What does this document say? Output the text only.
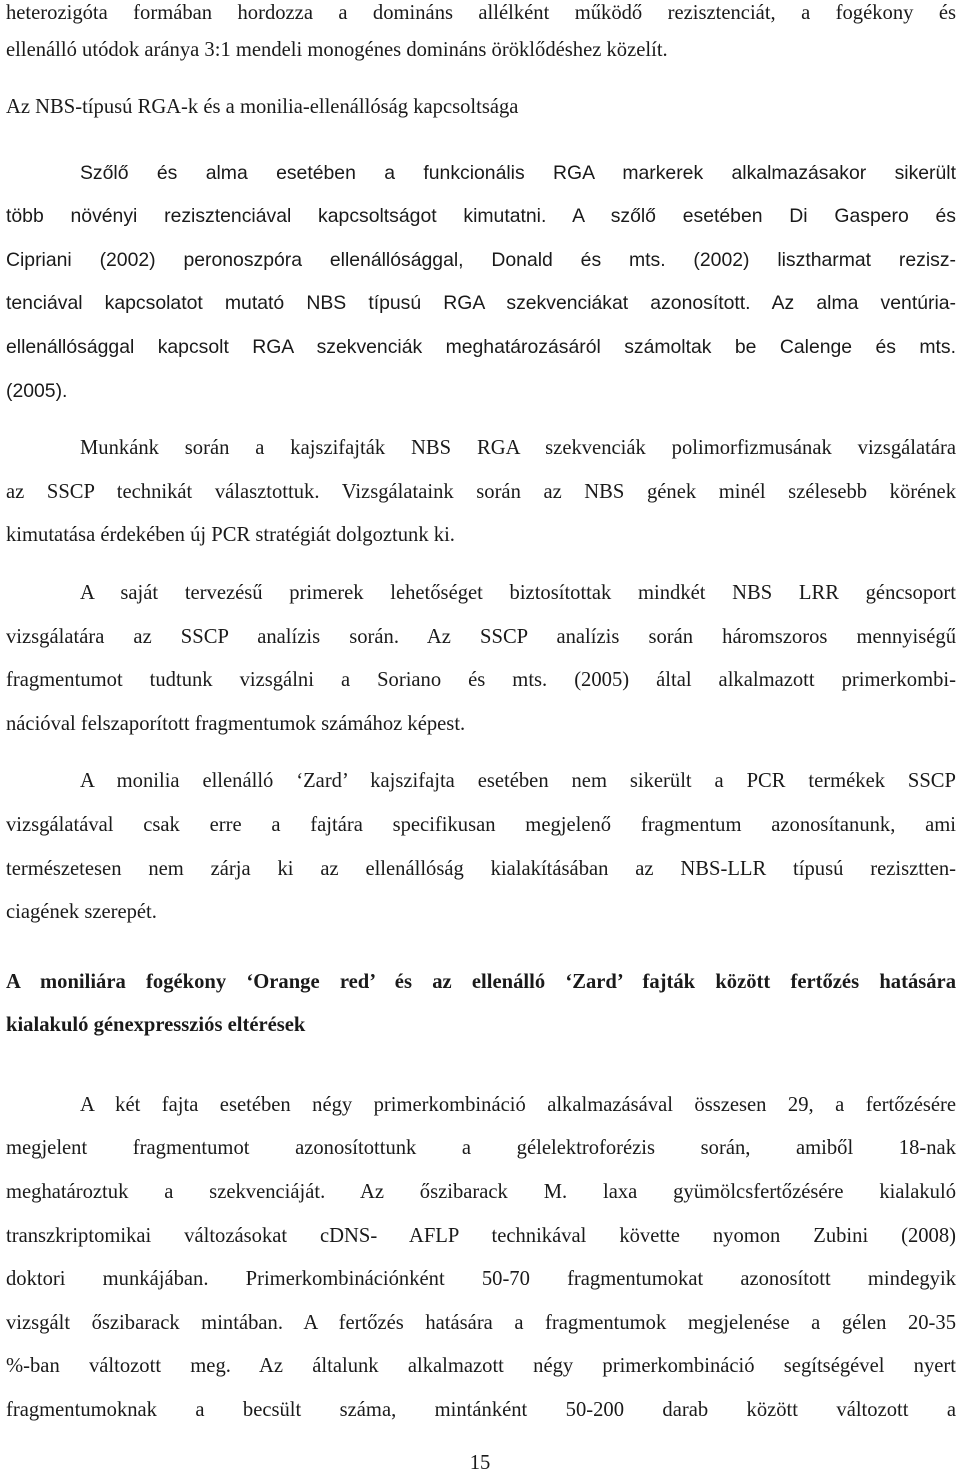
heterozigóta formában hordozza a domináns allélként működő rezisztenciát, a fogékony és
ellenálló utódok aránya 3:1 mendeli monogénes domináns öröklődéshez közelít.
Az NBS-típusú RGA-k és a monilia-ellenállóság kapcsoltsága
Szőlő és alma esetében a funkcionális RGA markerek alkalmazásakor sikerült
több növényi rezisztenciával kapcsoltságot kimutatni. A szőlő esetében Di Gaspero és
Cipriani (2002) peronoszpóra ellenállósággal, Donald és mts. (2002) lisztharmat rezisz-
tenciával kapcsolatot mutató NBS típusú RGA szekvenciákat azonosított. Az alma ventúria-
ellenállósággal kapcsolt RGA szekvenciák meghatározásáról számoltak be Calenge és mts.
(2005).
Munkánk során a kajszifajták NBS RGA szekvenciák polimorfizmusának vizsgálatára
az SSCP technikát választottuk. Vizsgálataink során az NBS gének minél szélesebb körének
kimutatása érdekében új PCR stratégiát dolgoztunk ki.
A saját tervezésű primerek lehetőséget biztosítottak mindkét NBS LRR géncsoport
vizsgálatára az SSCP analízis során. Az SSCP analízis során háromszoros mennyiségű
fragmentumot tudtunk vizsgálni a Soriano és mts. (2005) által alkalmazott primerkombi-
nációval felszaporított fragmentumok számához képest.
A monilia ellenálló ‘Zard’ kajszifajta esetében nem sikerült a PCR termékek SSCP
vizsgálatával csak erre a fajtára specifikusan megjelenő fragmentum azonosítanunk, ami
természetesen nem zárja ki az ellenállóság kialakításában az NBS-LLR típusú rezisztten-
ciagének szerepét.
A moniliára fogékony ‘Orange red’ és az ellenálló ‘Zard’ fajták között fertőzés hatására
kialakuló génexpressziós eltérések
A két fajta esetében négy primerkombináció alkalmazásával összesen 29, a fertőzésére
megjelent fragmentumot azonosítottunk a gélelektroforézis során, amiből 18-nak
meghatároztuk a szekvenciáját. Az őszibarack M. laxa gyümölcsfertőzésére kialakuló
transzkriptomikai változásokat cDNS- AFLP technikával követte nyomon Zubini (2008)
doktori munkájában. Primerkombinációnként 50-70 fragmentumokat azonosított mindegyik
vizsgált őszibarack mintában. A fertőzés hatására a fragmentumok megjelenése a gélen 20-35
%-ban változott meg. Az általunk alkalmazott négy primerkombináció segítségével nyert
fragmentumoknak a becsült száma, mintánként 50-200 darab között változott a
15
